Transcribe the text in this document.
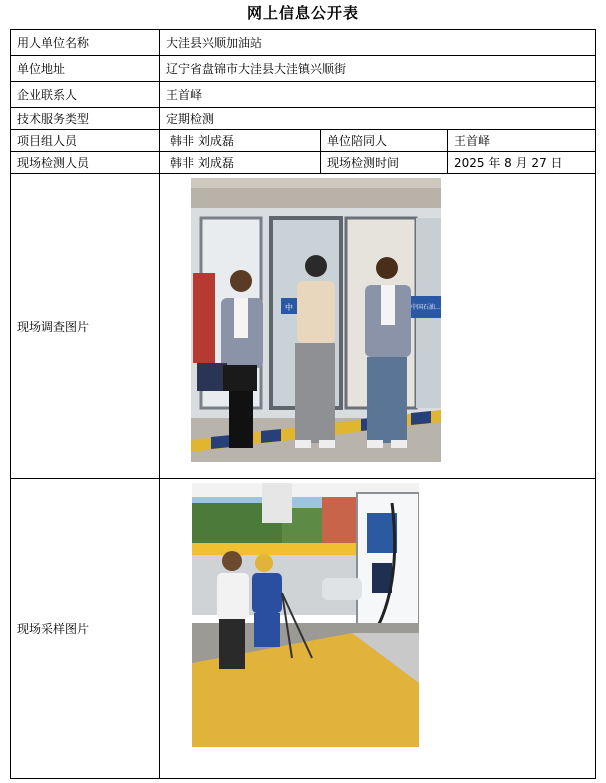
网上信息公开表
用人单位名称	大洼县兴顺加油站		
单位地址	辽宁省盘锦市大洼县大洼镇兴顺街		
企业联系人	王首峄		
技术服务类型	定期检测		
项目组人员	韩非 刘成磊	单位陪同人	王首峄
现场检测人员	韩非 刘成磊	现场检测时间	2025 年 8 月 27 日
现场调查图片	中 中国石油...		

现场采样图片	
